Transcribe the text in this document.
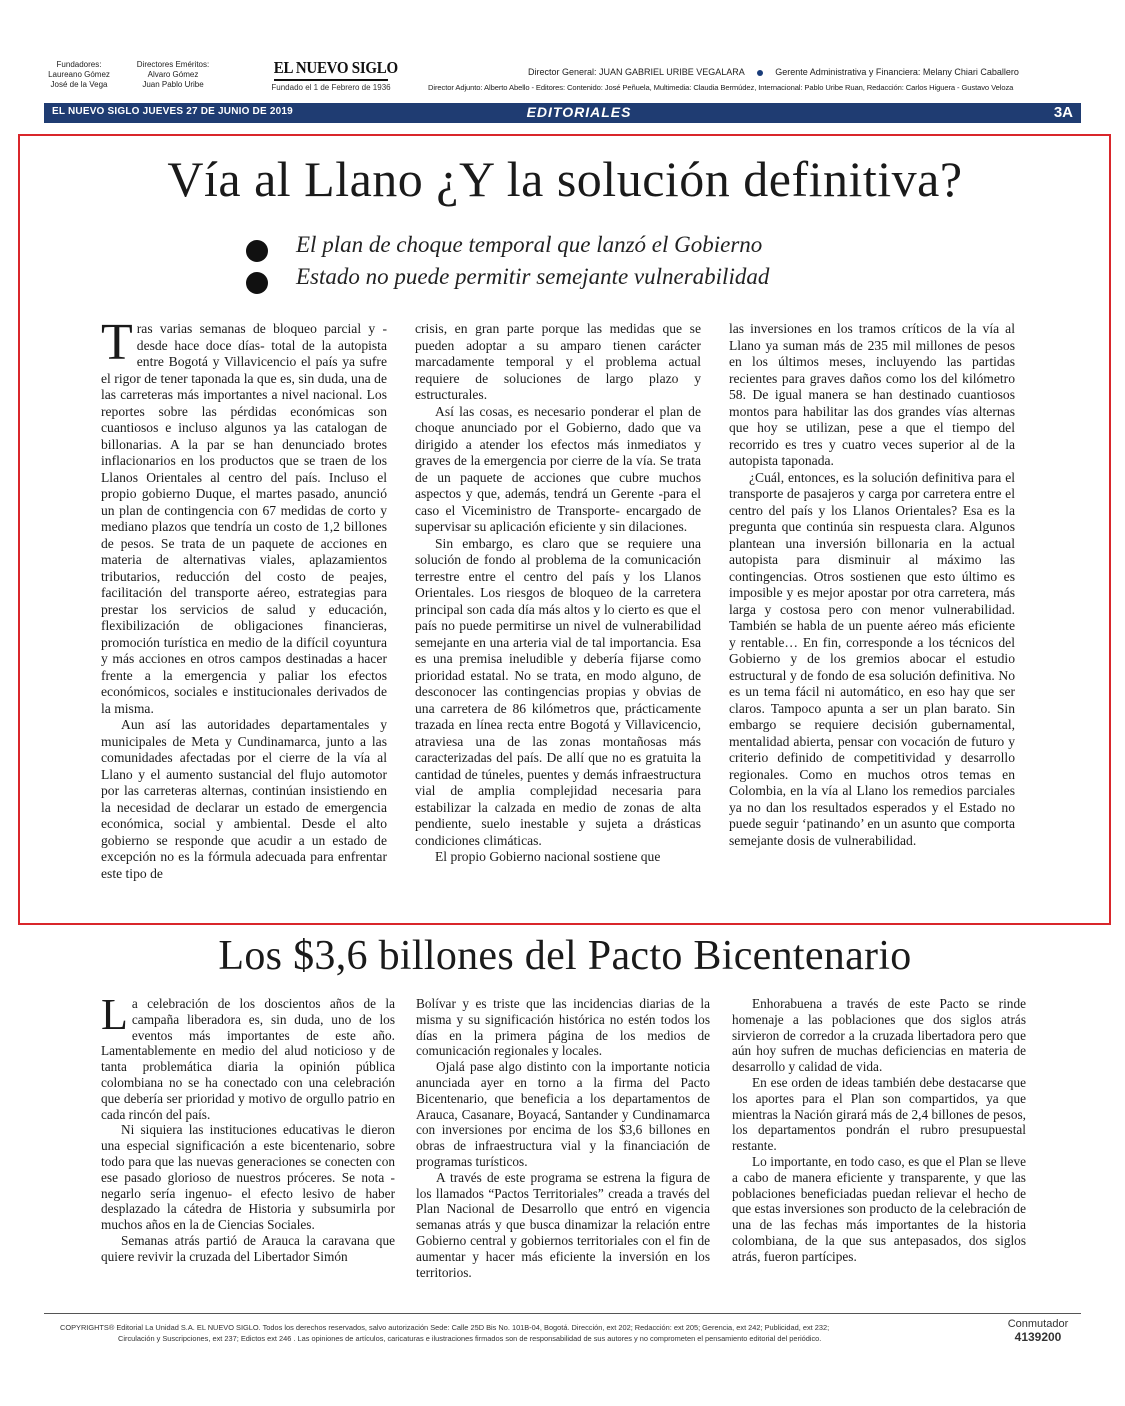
Fundadores:
Laureano Gómez
José de la Vega
Directores Eméritos:
Alvaro Gómez
Juan Pablo Uribe
EL NUEVO SIGLO
Fundado el 1 de Febrero de 1936
Director General: JUAN GABRIEL URIBE VEGALARA	Gerente Administrativa y Financiera: Melany Chiari Caballero
Director Adjunto: Alberto Abello - Editores: Contenido: José Peñuela, Multimedia: Claudia Bermúdez, Internacional: Pablo Uribe Ruan, Redacción: Carlos Higuera - Gustavo Veloza
EL NUEVO SIGLO JUEVES 27 DE JUNIO DE 2019	EDITORIALES	3A
Vía al Llano ¿Y la solución definitiva?
El plan de choque temporal que lanzó el Gobierno
Estado no puede permitir semejante vulnerabilidad

Tras varias semanas de bloqueo parcial y -desde hace doce días- total de la autopista entre Bogotá y Villavicencio el país ya sufre el rigor de tener taponada la que es, sin duda, una de las carreteras más importantes a nivel nacional. Los reportes sobre las pérdidas económicas son cuantiosos e incluso algunos ya las catalogan de billonarias. A la par se han denunciado brotes inflacionarios en los productos que se traen de los Llanos Orientales al centro del país. Incluso el propio gobierno Duque, el martes pasado, anunció un plan de contingencia con 67 medidas de corto y mediano plazos que tendría un costo de 1,2 billones de pesos. Se trata de un paquete de acciones en materia de alternativas viales, aplazamientos tributarios, reducción del costo de peajes, facilitación del transporte aéreo, estrategias para prestar los servicios de salud y educación, flexibilización de obligaciones financieras, promoción turística en medio de la difícil coyuntura y más acciones en otros campos destinadas a hacer frente a la emergencia y paliar los efectos económicos, sociales e institucionales derivados de la misma.

Aun así las autoridades departamentales y municipales de Meta y Cundinamarca, junto a las comunidades afectadas por el cierre de la vía al Llano y el aumento sustancial del flujo automotor por las carreteras alternas, continúan insistiendo en la necesidad de declarar un estado de emergencia económica, social y ambiental. Desde el alto gobierno se responde que acudir a un estado de excepción no es la fórmula adecuada para enfrentar este tipo de

crisis, en gran parte porque las medidas que se pueden adoptar a su amparo tienen carácter marcadamente temporal y el problema actual requiere de soluciones de largo plazo y estructurales.

Así las cosas, es necesario ponderar el plan de choque anunciado por el Gobierno, dado que va dirigido a atender los efectos más inmediatos y graves de la emergencia por cierre de la vía. Se trata de un paquete de acciones que cubre muchos aspectos y que, además, tendrá un Gerente -para el caso el Viceministro de Transporte- encargado de supervisar su aplicación eficiente y sin dilaciones.

Sin embargo, es claro que se requiere una solución de fondo al problema de la comunicación terrestre entre el centro del país y los Llanos Orientales. Los riesgos de bloqueo de la carretera principal son cada día más altos y lo cierto es que el país no puede permitirse un nivel de vulnerabilidad semejante en una arteria vial de tal importancia. Esa es una premisa ineludible y debería fijarse como prioridad estatal. No se trata, en modo alguno, de desconocer las contingencias propias y obvias de una carretera de 86 kilómetros que, prácticamente trazada en línea recta entre Bogotá y Villavicencio, atraviesa una de las zonas montañosas más caracterizadas del país. De allí que no es gratuita la cantidad de túneles, puentes y demás infraestructura vial de amplia complejidad necesaria para estabilizar la calzada en medio de zonas de alta pendiente, suelo inestable y sujeta a drásticas condiciones climáticas.

El propio Gobierno nacional sostiene que

las inversiones en los tramos críticos de la vía al Llano ya suman más de 235 mil millones de pesos en los últimos meses, incluyendo las partidas recientes para graves daños como los del kilómetro 58. De igual manera se han destinado cuantiosos montos para habilitar las dos grandes vías alternas que hoy se utilizan, pese a que el tiempo del recorrido es tres y cuatro veces superior al de la autopista taponada.

¿Cuál, entonces, es la solución definitiva para el transporte de pasajeros y carga por carretera entre el centro del país y los Llanos Orientales? Esa es la pregunta que continúa sin respuesta clara. Algunos plantean una inversión billonaria en la actual autopista para disminuir al máximo las contingencias. Otros sostienen que esto último es imposible y es mejor apostar por otra carretera, más larga y costosa pero con menor vulnerabilidad. También se habla de un puente aéreo más eficiente y rentable… En fin, corresponde a los técnicos del Gobierno y de los gremios abocar el estudio estructural y de fondo de esa solución definitiva. No es un tema fácil ni automático, en eso hay que ser claros. Tampoco apunta a ser un plan barato. Sin embargo se requiere decisión gubernamental, mentalidad abierta, pensar con vocación de futuro y criterio definido de competitividad y desarrollo regionales. Como en muchos otros temas en Colombia, en la vía al Llano los remedios parciales ya no dan los resultados esperados y el Estado no puede seguir ‘patinando’ en un asunto que comporta semejante dosis de vulnerabilidad.

Los $3,6 billones del Pacto Bicentenario

La celebración de los doscientos años de la campaña liberadora es, sin duda, uno de los eventos más importantes de este año. Lamentablemente en medio del alud noticioso y de tanta problemática diaria la opinión pública colombiana no se ha conectado con una celebración que debería ser prioridad y motivo de orgullo patrio en cada rincón del país.

Ni siquiera las instituciones educativas le dieron una especial significación a este bicentenario, sobre todo para que las nuevas generaciones se conecten con ese pasado glorioso de nuestros próceres. Se nota -negarlo sería ingenuo- el efecto lesivo de haber desplazado la cátedra de Historia y subsumirla por muchos años en la de Ciencias Sociales.

Semanas atrás partió de Arauca la caravana que quiere revivir la cruzada del Libertador Simón

Bolívar y es triste que las incidencias diarias de la misma y su significación histórica no estén todos los días en la primera página de los medios de comunicación regionales y locales.

Ojalá pase algo distinto con la importante noticia anunciada ayer en torno a la firma del Pacto Bicentenario, que beneficia a los departamentos de Arauca, Casanare, Boyacá, Santander y Cundinamarca con inversiones por encima de los $3,6 billones en obras de infraestructura vial y la financiación de programas turísticos.

A través de este programa se estrena la figura de los llamados “Pactos Territoriales” creada a través del Plan Nacional de Desarrollo que entró en vigencia semanas atrás y que busca dinamizar la relación entre Gobierno central y gobiernos territoriales con el fin de aumentar y hacer más eficiente la inversión en los territorios.

Enhorabuena a través de este Pacto se rinde homenaje a las poblaciones que dos siglos atrás sirvieron de corredor a la cruzada libertadora pero que aún hoy sufren de muchas deficiencias en materia de desarrollo y calidad de vida.

En ese orden de ideas también debe destacarse que los aportes para el Plan son compartidos, ya que mientras la Nación girará más de 2,4 billones de pesos, los departamentos pondrán el rubro presupuestal restante.

Lo importante, en todo caso, es que el Plan se lleve a cabo de manera eficiente y transparente, y que las poblaciones beneficiadas puedan relievar el hecho de que estas inversiones son producto de la celebración de una de las fechas más importantes de la historia colombiana, de la que sus antepasados, dos siglos atrás, fueron partícipes.

COPYRIGHTS® Editorial La Unidad S.A. EL NUEVO SIGLO. Todos los derechos reservados, salvo autorización Sede: Calle 25D Bis No. 101B-04, Bogotá. Dirección, ext 202; Redacción: ext 205; Gerencia, ext 242; Publicidad, ext 232;
Circulación y Suscripciones, ext 237; Edictos ext 246 . Las opiniones de artículos, caricaturas e ilustraciones firmados son de responsabilidad de sus autores y no comprometen el pensamiento editorial del periódico.
Conmutador
4139200
